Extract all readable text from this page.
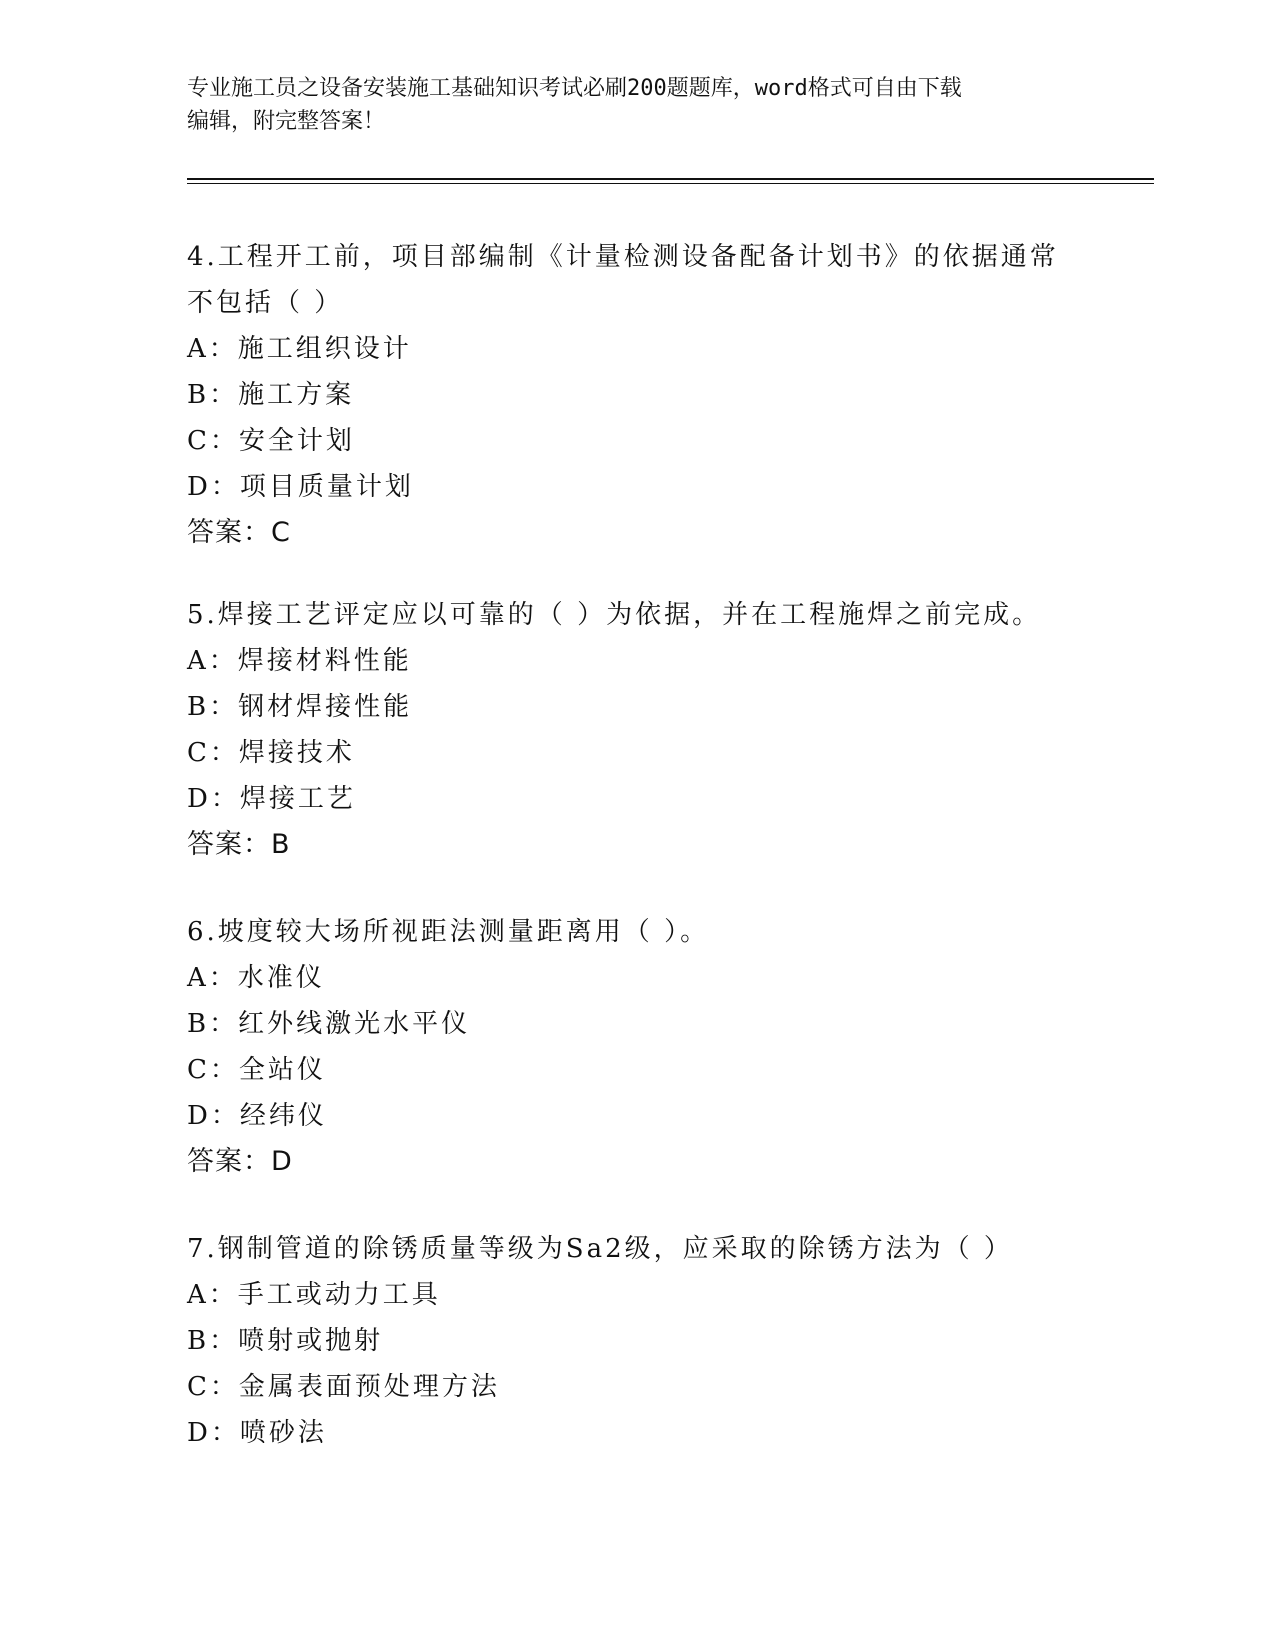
专业施工员之设备安装施工基础知识考试必刷200题题库，word格式可自由下载
编辑，附完整答案！

4.工程开工前，项目部编制《计量检测设备配备计划书》的依据通常

不包括（ ）

A：施工组织设计

B：施工方案

C：安全计划

D：项目质量计划

答案：C

5.焊接工艺评定应以可靠的（ ）为依据，并在工程施焊之前完成。

A：焊接材料性能

B：钢材焊接性能

C：焊接技术

D：焊接工艺

答案：B

6.坡度较大场所视距法测量距离用（ ）。

A：水准仪

B：红外线激光水平仪

C：全站仪

D：经纬仪

答案：D

7.钢制管道的除锈质量等级为Sa2级，应采取的除锈方法为（ ）

A：手工或动力工具

B：喷射或抛射

C：金属表面预处理方法

D：喷砂法
